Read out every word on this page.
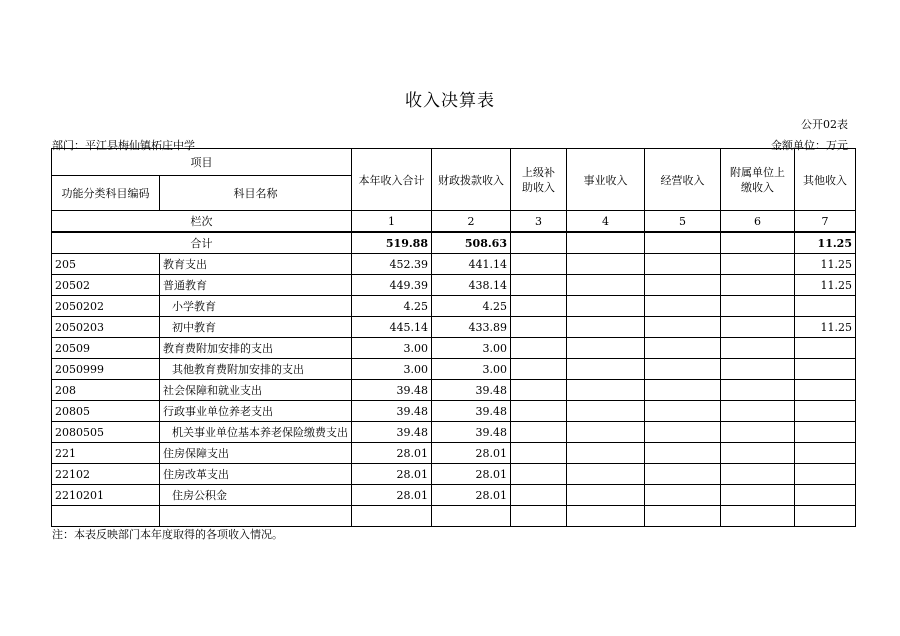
收入决算表
公开02表
部门：平江县梅仙镇柘庄中学	金额单位：万元
项目		本年收入合计	财政拨款收入	上级补助收入	事业收入	经营收入	附属单位上缴收入	其他收入
功能分类科目编码	科目名称							
栏次		1	2	3	4	5	6	7
合计		519.88	508.63					11.25
205	教育支出	452.39	441.14					11.25
20502	普通教育	449.39	438.14					11.25
2050202	小学教育	4.25	4.25					
2050203	初中教育	445.14	433.89					11.25
20509	教育费附加安排的支出	3.00	3.00					
2050999	其他教育费附加安排的支出	3.00	3.00					
208	社会保障和就业支出	39.48	39.48					
20805	行政事业单位养老支出	39.48	39.48					
2080505	机关事业单位基本养老保险缴费支出	39.48	39.48					
221	住房保障支出	28.01	28.01					
22102	住房改革支出	28.01	28.01					
2210201	住房公积金	28.01	28.01					

注：本表反映部门本年度取得的各项收入情况。
